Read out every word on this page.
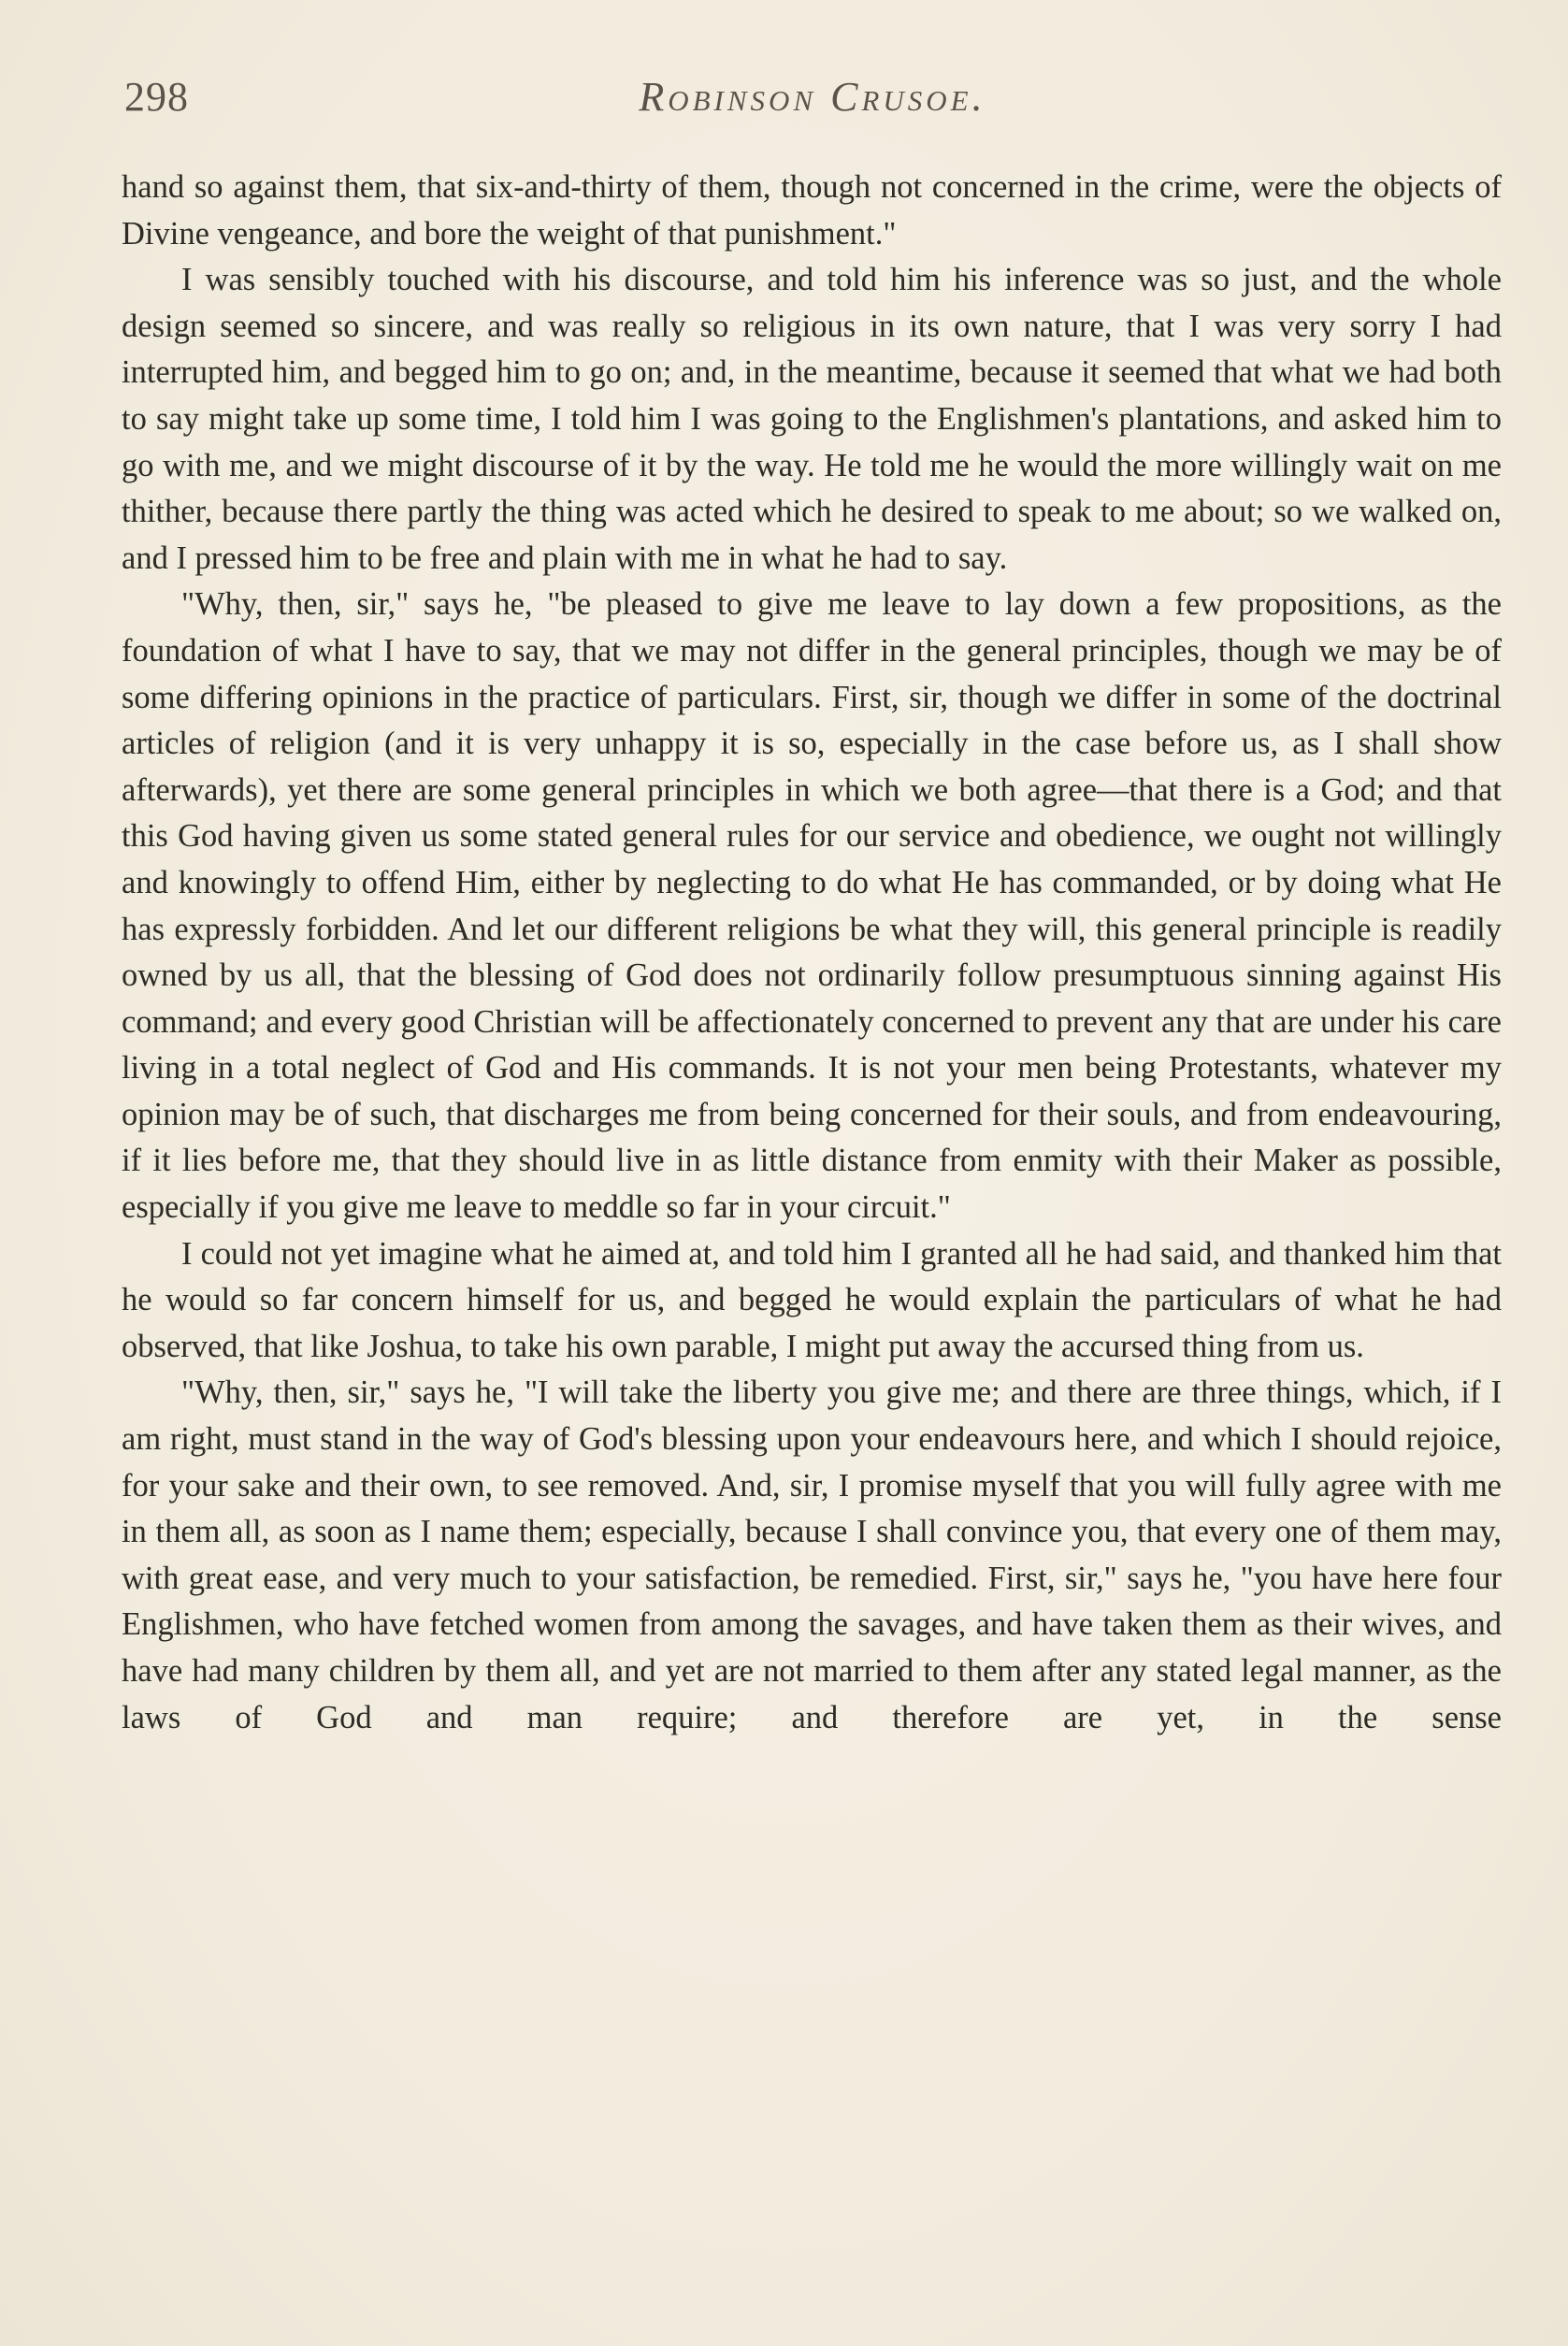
298	Robinson Crusoe.

hand so against them, that six-and-thirty of them, though not concerned in the crime, were the objects of Divine vengeance, and bore the weight of that punishment."

I was sensibly touched with his discourse, and told him his inference was so just, and the whole design seemed so sincere, and was really so religious in its own nature, that I was very sorry I had interrupted him, and begged him to go on; and, in the meantime, because it seemed that what we had both to say might take up some time, I told him I was going to the Englishmen's plantations, and asked him to go with me, and we might discourse of it by the way. He told me he would the more willingly wait on me thither, because there partly the thing was acted which he desired to speak to me about; so we walked on, and I pressed him to be free and plain with me in what he had to say.

"Why, then, sir," says he, "be pleased to give me leave to lay down a few propositions, as the foundation of what I have to say, that we may not differ in the general principles, though we may be of some differing opinions in the practice of particulars. First, sir, though we differ in some of the doctrinal articles of religion (and it is very unhappy it is so, especially in the case before us, as I shall show afterwards), yet there are some general principles in which we both agree—that there is a God; and that this God having given us some stated general rules for our service and obedience, we ought not willingly and knowingly to offend Him, either by neglecting to do what He has commanded, or by doing what He has expressly forbidden. And let our different religions be what they will, this general principle is readily owned by us all, that the blessing of God does not ordinarily follow presumptuous sinning against His command; and every good Christian will be affectionately concerned to prevent any that are under his care living in a total neglect of God and His commands. It is not your men being Protestants, whatever my opinion may be of such, that discharges me from being concerned for their souls, and from endeavouring, if it lies before me, that they should live in as little distance from enmity with their Maker as possible, especially if you give me leave to meddle so far in your circuit."

I could not yet imagine what he aimed at, and told him I granted all he had said, and thanked him that he would so far concern himself for us, and begged he would explain the particulars of what he had observed, that like Joshua, to take his own parable, I might put away the accursed thing from us.

"Why, then, sir," says he, "I will take the liberty you give me; and there are three things, which, if I am right, must stand in the way of God's blessing upon your endeavours here, and which I should rejoice, for your sake and their own, to see removed. And, sir, I promise myself that you will fully agree with me in them all, as soon as I name them; especially, because I shall convince you, that every one of them may, with great ease, and very much to your satisfaction, be remedied. First, sir," says he, "you have here four Englishmen, who have fetched women from among the savages, and have taken them as their wives, and have had many children by them all, and yet are not married to them after any stated legal manner, as the laws of God and man require; and therefore are yet, in the sense
